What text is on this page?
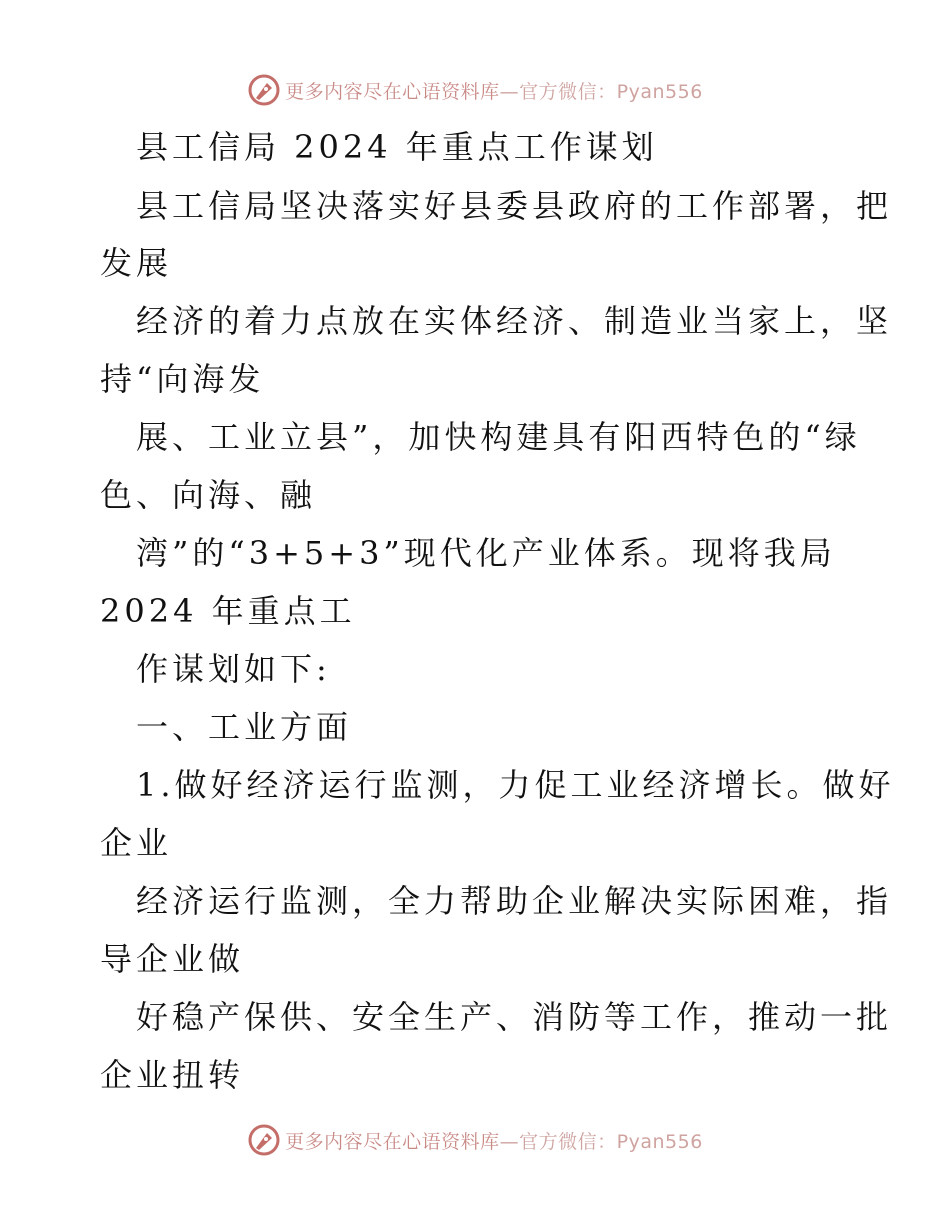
更多内容尽在心语资料库 —官方微信：Pyan556
县工信局 2024 年重点工作谋划
县工信局坚决落实好县委县政府的工作部署，把
发展
经济的着力点放在实体经济、制造业当家上，坚
持“向海发
展、工业立县”，加快构建具有阳西特色的“绿
色、向海、融
湾”的“3+5+3”现代化产业体系。现将我局
2024 年重点工
作谋划如下:
一、工业方面
1.做好经济运行监测，力促工业经济增长。做好
企业
经济运行监测，全力帮助企业解决实际困难，指
导企业做
好稳产保供、安全生产、消防等工作，推动一批
企业扭转
更多内容尽在心语资料库 —官方微信：Pyan556
